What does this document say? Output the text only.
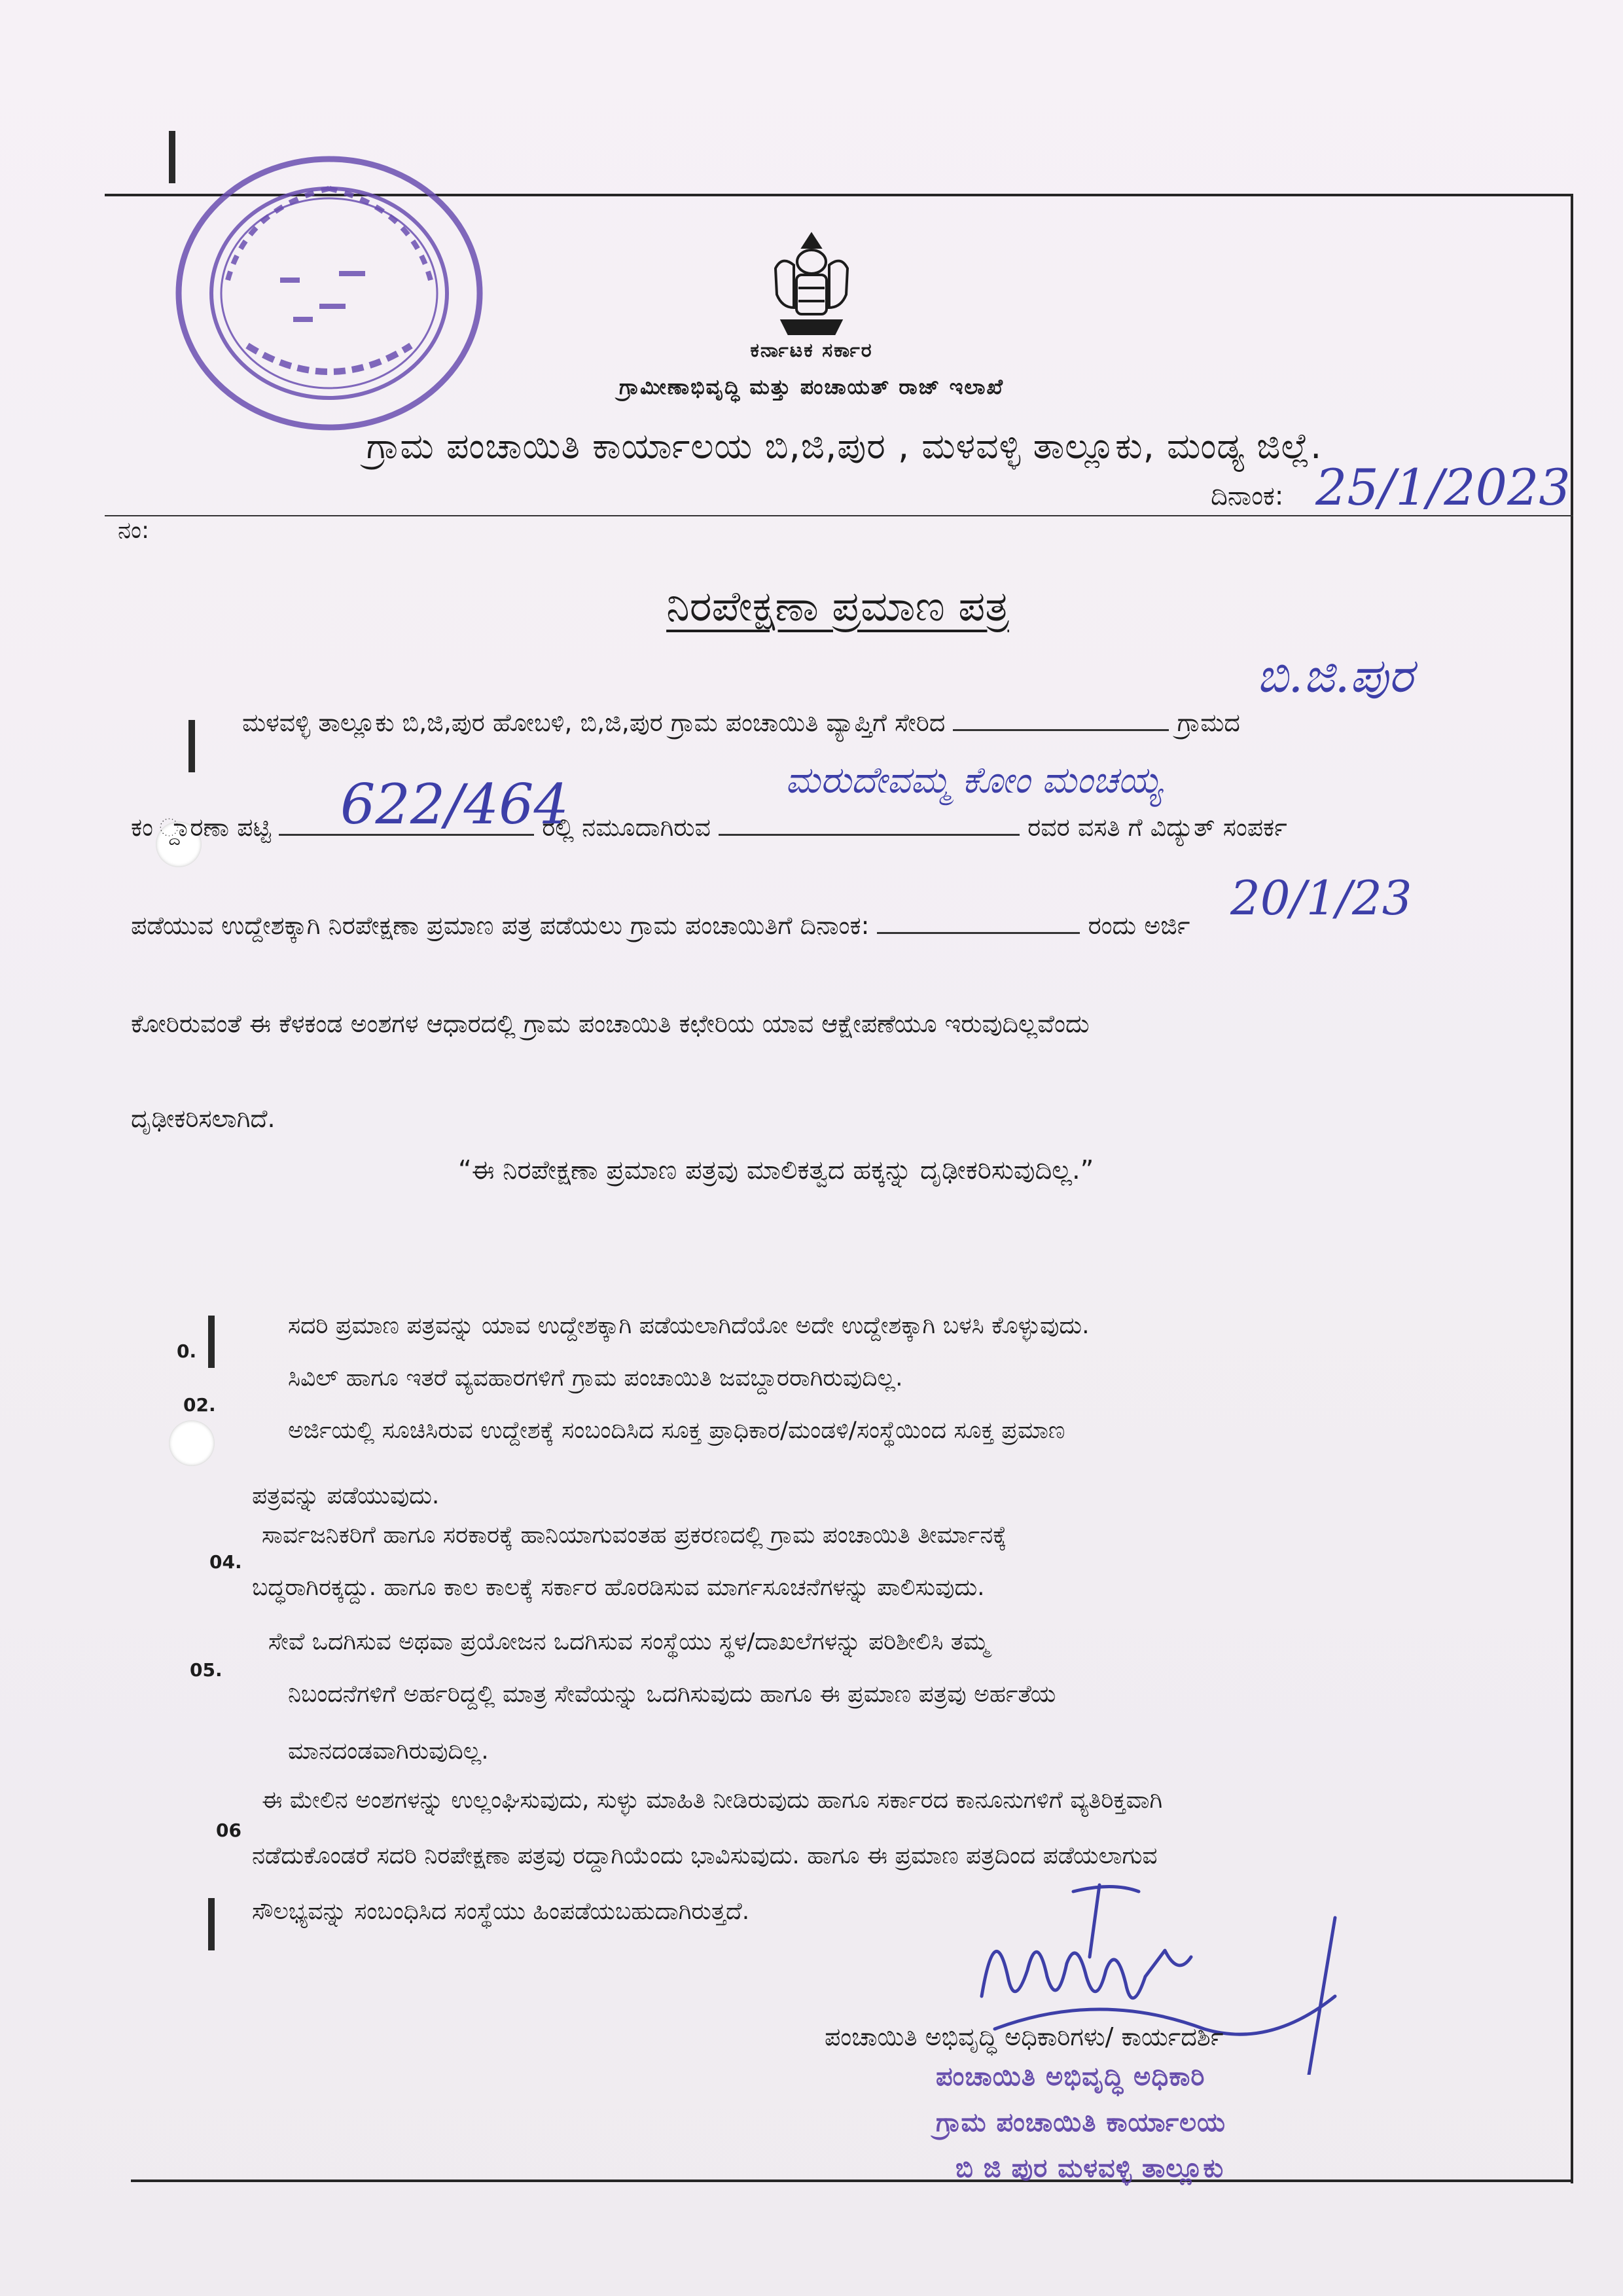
ಕರ್ನಾಟಕ ಸರ್ಕಾರ
ಗ್ರಾಮೀಣಾಭಿವೃದ್ಧಿ ಮತ್ತು ಪಂಚಾಯತ್ ರಾಜ್ ಇಲಾಖೆ
ಗ್ರಾಮ ಪಂಚಾಯಿತಿ ಕಾರ್ಯಾಲಯ ಬಿ,ಜಿ,ಪುರ , ಮಳವಳ್ಳಿ ತಾಲ್ಲೂಕು, ಮಂಡ್ಯ ಜಿಲ್ಲೆ.
ನಂ:
ದಿನಾಂಕ: 25/1/2023
ನಿರಪೇಕ್ಷಣಾ ಪ್ರಮಾಣ ಪತ್ರ
ಮಳವಳ್ಳಿ ತಾಲ್ಲೂಕು ಬಿ,ಜಿ,ಪುರ ಹೋಬಳಿ, ಬಿ,ಜಿ,ಪುರ ಗ್ರಾಮ ಪಂಚಾಯಿತಿ ವ್ಯಾಪ್ತಿಗೆ ಸೇರಿದ	ಗ್ರಾಮದ
ಬಿ.ಜಿ.ಪುರ
ಮರುದೇವಮ್ಮ ಕೋಂ ಮಂಚಯ್ಯ
ಕಂ ್ದಾರಣಾ ಪಟ್ಟಿ	ರಲ್ಲಿ ನಮೂದಾಗಿರುವ	ರವರ ವಸತಿ ಗೆ ವಿದ್ಯುತ್ ಸಂಪರ್ಕ
622/464
ಪಡೆಯುವ ಉದ್ದೇಶಕ್ಕಾಗಿ ನಿರಪೇಕ್ಷಣಾ ಪ್ರಮಾಣ ಪತ್ರ ಪಡೆಯಲು ಗ್ರಾಮ ಪಂಚಾಯಿತಿಗೆ ದಿನಾಂಕ:	ರಂದು ಅರ್ಜಿ 20/1/23
ಕೋರಿರುವಂತೆ ಈ ಕೆಳಕಂಡ ಅಂಶಗಳ ಆಧಾರದಲ್ಲಿ ಗ್ರಾಮ ಪಂಚಾಯಿತಿ ಕಛೇರಿಯ ಯಾವ ಆಕ್ಷೇಪಣೆಯೂ ಇರುವುದಿಲ್ಲವೆಂದು
ದೃಢೀಕರಿಸಲಾಗಿದೆ.
“ಈ ನಿರಪೇಕ್ಷಣಾ ಪ್ರಮಾಣ ಪತ್ರವು ಮಾಲಿಕತ್ವದ ಹಕ್ಕನ್ನು ದೃಢೀಕರಿಸುವುದಿಲ್ಲ.”
0.
ಸದರಿ ಪ್ರಮಾಣ ಪತ್ರವನ್ನು ಯಾವ ಉದ್ದೇಶಕ್ಕಾಗಿ ಪಡೆಯಲಾಗಿದೆಯೋ ಅದೇ ಉದ್ದೇಶಕ್ಕಾಗಿ ಬಳಸಿ ಕೊಳ್ಳುವುದು.
02.
ಸಿವಿಲ್ ಹಾಗೂ ಇತರೆ ವ್ಯವಹಾರಗಳಿಗೆ ಗ್ರಾಮ ಪಂಚಾಯಿತಿ ಜವಬ್ದಾರರಾಗಿರುವುದಿಲ್ಲ.
ಅರ್ಜಿಯಲ್ಲಿ ಸೂಚಿಸಿರುವ ಉದ್ದೇಶಕ್ಕೆ ಸಂಬಂದಿಸಿದ ಸೂಕ್ತ ಪ್ರಾಧಿಕಾರ/ಮಂಡಳಿ/ಸಂಸ್ಥೆಯಿಂದ ಸೂಕ್ತ ಪ್ರಮಾಣ
ಪತ್ರವನ್ನು ಪಡೆಯುವುದು.
04.
ಸಾರ್ವಜನಿಕರಿಗೆ ಹಾಗೂ ಸರಕಾರಕ್ಕೆ ಹಾನಿಯಾಗುವಂತಹ ಪ್ರಕರಣದಲ್ಲಿ ಗ್ರಾಮ ಪಂಚಾಯಿತಿ ತೀರ್ಮಾನಕ್ಕೆ
ಬದ್ಧರಾಗಿರಕ್ಕದ್ದು. ಹಾಗೂ ಕಾಲ ಕಾಲಕ್ಕೆ ಸರ್ಕಾರ ಹೊರಡಿಸುವ ಮಾರ್ಗಸೂಚನೆಗಳನ್ನು ಪಾಲಿಸುವುದು.
05.
ಸೇವೆ ಒದಗಿಸುವ ಅಥವಾ ಪ್ರಯೋಜನ ಒದಗಿಸುವ ಸಂಸ್ಥೆಯು ಸ್ಥಳ/ದಾಖಲೆಗಳನ್ನು ಪರಿಶೀಲಿಸಿ ತಮ್ಮ
ನಿಬಂದನೆಗಳಿಗೆ ಅರ್ಹರಿದ್ದಲ್ಲಿ ಮಾತ್ರ ಸೇವೆಯನ್ನು ಒದಗಿಸುವುದು ಹಾಗೂ ಈ ಪ್ರಮಾಣ ಪತ್ರವು ಅರ್ಹತೆಯ
ಮಾನದಂಡವಾಗಿರುವುದಿಲ್ಲ.
06
ಈ ಮೇಲಿನ ಅಂಶಗಳನ್ನು ಉಲ್ಲಂಘಿಸುವುದು, ಸುಳ್ಳು ಮಾಹಿತಿ ನೀಡಿರುವುದು ಹಾಗೂ ಸರ್ಕಾರದ ಕಾನೂನುಗಳಿಗೆ ವ್ಯತಿರಿಕ್ತವಾಗಿ
ನಡೆದುಕೊಂಡರೆ ಸದರಿ ನಿರಪೇಕ್ಷಣಾ ಪತ್ರವು ರದ್ದಾಗಿಯೆಂದು ಭಾವಿಸುವುದು. ಹಾಗೂ ಈ ಪ್ರಮಾಣ ಪತ್ರದಿಂದ ಪಡೆಯಲಾಗುವ
ಸೌಲಭ್ಯವನ್ನು ಸಂಬಂಧಿಸಿದ ಸಂಸ್ಥೆಯು ಹಿಂಪಡೆಯಬಹುದಾಗಿರುತ್ತದೆ.
ಪಂಚಾಯಿತಿ ಅಭಿವೃದ್ಧಿ ಅಧಿಕಾರಿಗಳು/ ಕಾರ್ಯದರ್ಶಿ
ಪಂಚಾಯಿತಿ ಅಭಿವೃದ್ಧಿ ಅಧಿಕಾರಿ
ಗ್ರಾಮ ಪಂಚಾಯಿತಿ ಕಾರ್ಯಾಲಯ
ಬಿ ಜಿ ಪುರ ಮಳವಳ್ಳಿ ತಾಲ್ಲೂಕು
